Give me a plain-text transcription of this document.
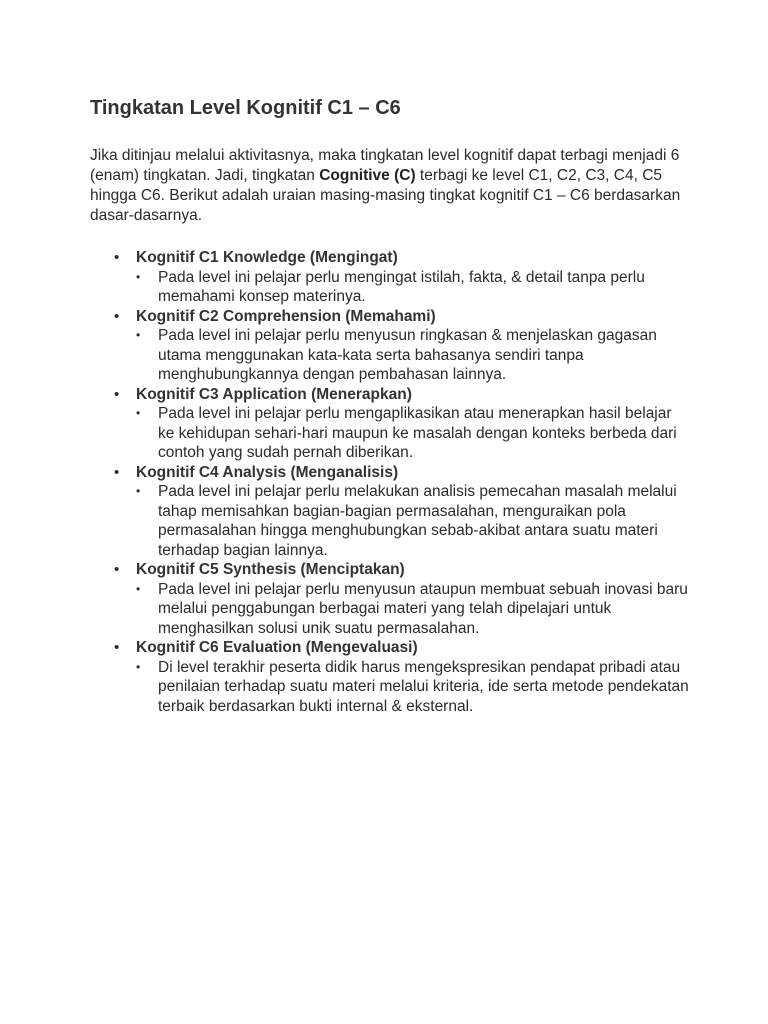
Tingkatan Level Kognitif C1 – C6

Jika ditinjau melalui aktivitasnya, maka tingkatan level kognitif dapat terbagi menjadi 6 (enam) tingkatan. Jadi, tingkatan Cognitive (C) terbagi ke level C1, C2, C3, C4, C5 hingga C6. Berikut adalah uraian masing-masing tingkat kognitif C1 – C6 berdasarkan dasar-dasarnya.

• Kognitif C1 Knowledge (Mengingat)
• Pada level ini pelajar perlu mengingat istilah, fakta, & detail tanpa perlu memahami konsep materinya.
• Kognitif C2 Comprehension (Memahami)
• Pada level ini pelajar perlu menyusun ringkasan & menjelaskan gagasan utama menggunakan kata-kata serta bahasanya sendiri tanpa menghubungkannya dengan pembahasan lainnya.
• Kognitif C3 Application (Menerapkan)
• Pada level ini pelajar perlu mengaplikasikan atau menerapkan hasil belajar ke kehidupan sehari-hari maupun ke masalah dengan konteks berbeda dari contoh yang sudah pernah diberikan.
• Kognitif C4 Analysis (Menganalisis)
• Pada level ini pelajar perlu melakukan analisis pemecahan masalah melalui tahap memisahkan bagian-bagian permasalahan, menguraikan pola permasalahan hingga menghubungkan sebab-akibat antara suatu materi terhadap bagian lainnya.
• Kognitif C5 Synthesis (Menciptakan)
• Pada level ini pelajar perlu menyusun ataupun membuat sebuah inovasi baru melalui penggabungan berbagai materi yang telah dipelajari untuk menghasilkan solusi unik suatu permasalahan.
• Kognitif C6 Evaluation (Mengevaluasi)
• Di level terakhir peserta didik harus mengekspresikan pendapat pribadi atau penilaian terhadap suatu materi melalui kriteria, ide serta metode pendekatan terbaik berdasarkan bukti internal & eksternal.
